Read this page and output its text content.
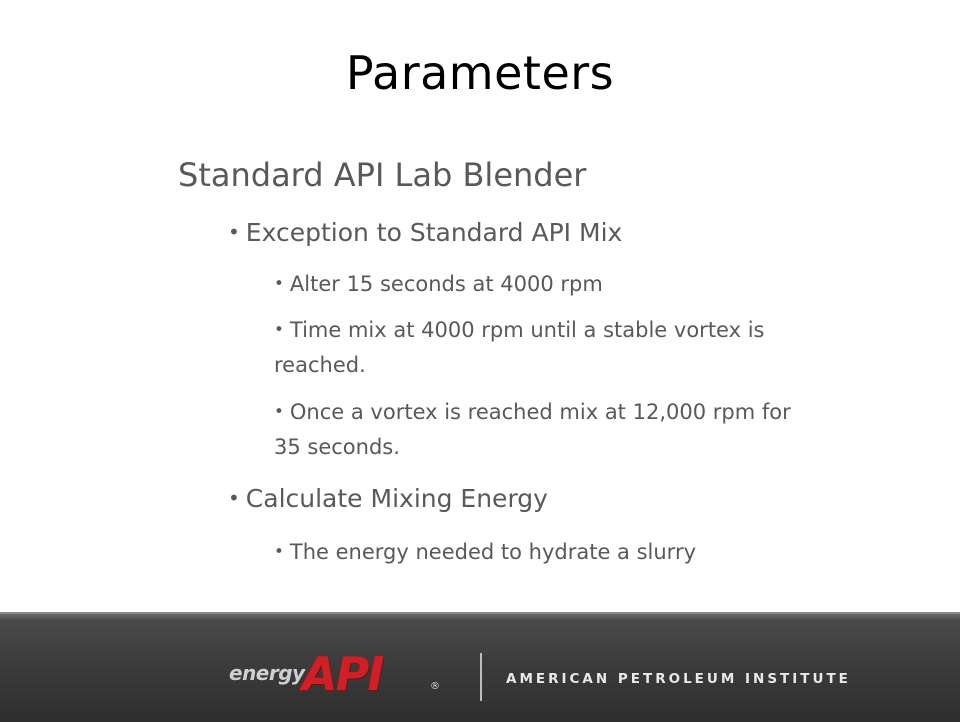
Parameters
Standard API Lab Blender
• Exception to Standard API Mix
• Alter 15 seconds at 4000 rpm
• Time mix at 4000 rpm until a stable vortex is reached.
• Once a vortex is reached mix at 12,000 rpm for 35 seconds.
• Calculate Mixing Energy
• The energy needed to hydrate a slurry
energy
API	®	AMERICAN PETROLEUM INSTITUTE
